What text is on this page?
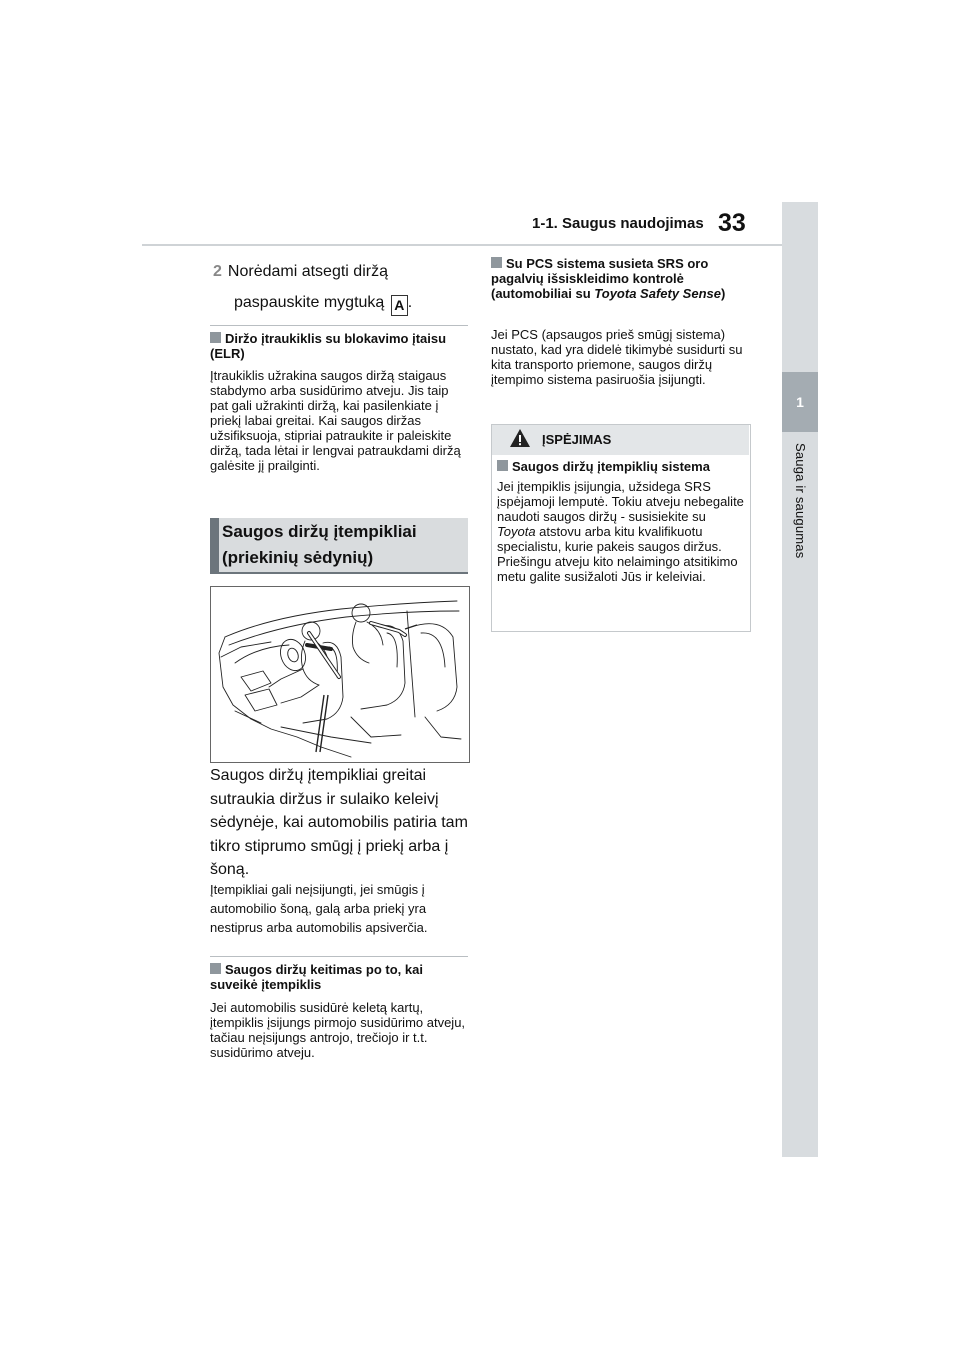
1-1. Saugus naudojimas 33
1
Sauga ir saugumas
2 Norėdami atsegti diržą
paspauskite mygtuką A .
Diržo įtraukiklis su blokavimo įtaisu (ELR)
Įtraukiklis užrakina saugos diržą staigaus stabdymo arba susidūrimo atveju. Jis taip pat gali užrakinti diržą, kai pasilenkiate į priekį labai greitai. Kai saugos diržas užsifiksuoja, stipriai patraukite ir paleiskite diržą, tada lėtai ir lengvai patraukdami diržą galėsite jį prailginti.
Saugos diržų įtempikliai (priekinių sėdynių)
Saugos diržų įtempikliai greitai sutraukia diržus ir sulaiko keleivį sėdynėje, kai automobilis patiria tam tikro stiprumo smūgį į priekį arba į šoną.
Įtempikliai gali neįsijungti, jei smūgis į automobilio šoną, galą arba priekį yra nestiprus arba automobilis apsiverčia.
Saugos diržų keitimas po to, kai suveikė įtempiklis
Jei automobilis susidūrė keletą kartų, įtempiklis įsijungs pirmojo susidūrimo atveju, tačiau neįsijungs antrojo, trečiojo ir t.t. susidūrimo atveju.
Su PCS sistema susieta SRS oro pagalvių išsiskleidimo kontrolė (automobiliai su Toyota Safety Sense)
Jei PCS (apsaugos prieš smūgį sistema) nustato, kad yra didelė tikimybė susidurti su kita transporto priemone, saugos diržų įtempimo sistema pasiruošia įsijungti.
ĮSPĖJIMAS
Saugos diržų įtempiklių sistema
Jei įtempiklis įsijungia, užsidega SRS įspėjamoji lemputė. Tokiu atveju nebegalite naudoti saugos diržų - susisiekite su Toyota atstovu arba kitu kvalifikuotu specialistu, kurie pakeis saugos diržus.
Priešingu atveju kito nelaimingo atsitikimo metu galite susižaloti Jūs ir keleiviai.
